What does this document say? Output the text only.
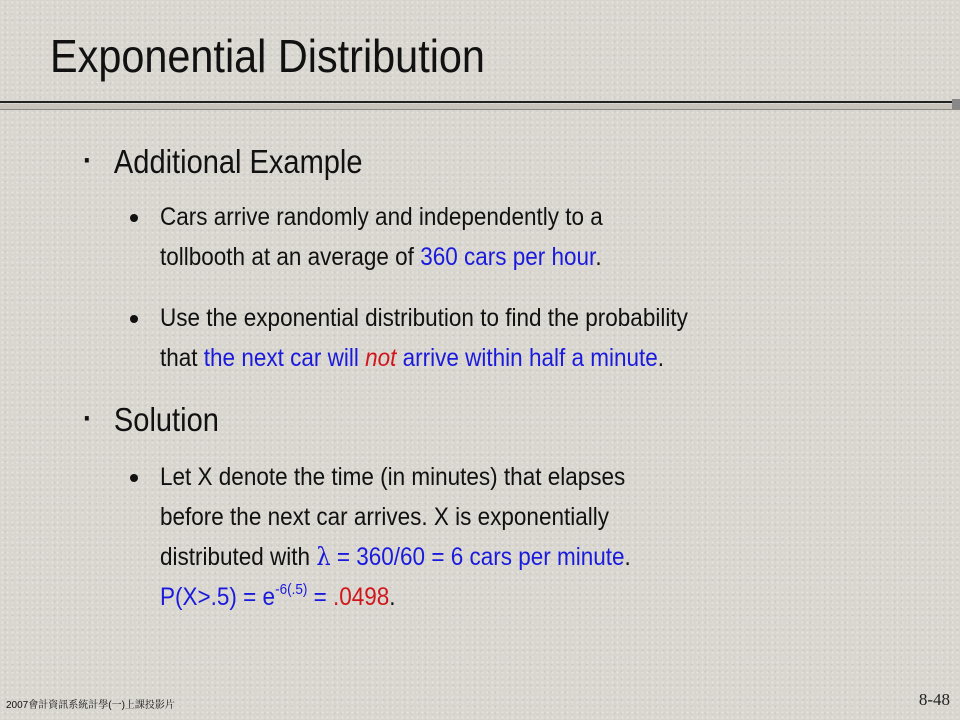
Exponential Distribution
▪ Additional Example
Cars arrive randomly and independently to a
tollbooth at an average of 360 cars per hour.
Use the exponential distribution to find the probability
that the next car will not arrive within half a minute.
▪ Solution
Let X denote the time (in minutes) that elapses
before the next car arrives. X is exponentially
distributed with λ = 360/60 = 6 cars per minute.
$P(X>.5) = e^{-6(.5)} = .0498$.
2007會計資訊系統計學(一)上課投影片	8-48
